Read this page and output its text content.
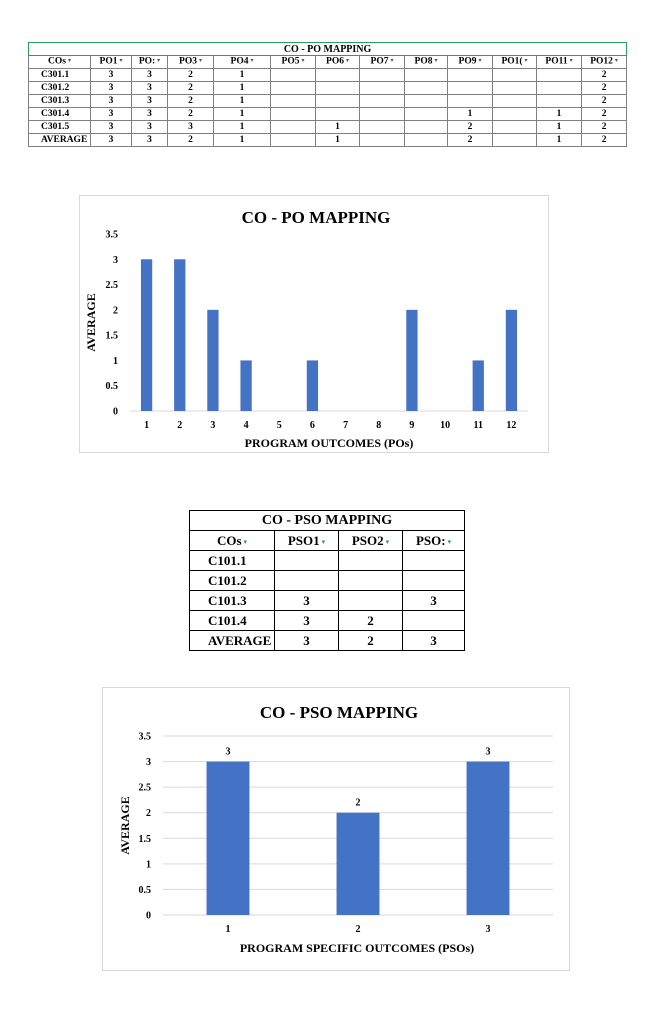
CO - PO MAPPING												
COs ▾	PO1 ▾	PO: ▾	PO3 ▾	PO4 ▾	PO5 ▾	PO6 ▾	PO7 ▾	PO8 ▾	PO9 ▾	PO1( ▾	PO11 ▾	PO12 ▾
C301.1	3	3	2	1								2
C301.2	3	3	2	1								2
C301.3	3	3	2	1								2
C301.4	3	3	2	1					1		1	2
C301.5	3	3	3	1		1			2		1	2
AVERAGE	3	3	2	1		1			2		1	2
CO - PO MAPPING
0
0.5
1
1.5
2
2.5
3
3.5
1	2	3	4	5	6	7	8	9	10 11 12
PROGRAM OUTCOMES (POs)
AVERAGE
CO - PSO MAPPING			
COs ▾	PSO1 ▾	PSO2 ▾	PSO: ▾
C101.1			
C101.2			
C101.3	3		3
C101.4	3	2	
AVERAGE	3	2	3
CO - PSO MAPPING
0
0.5
1
1.5
2
2.5
3
3.5
1
3
2
2
3
3
PROGRAM SPECIFIC OUTCOMES (PSOs)
AVERAGE
